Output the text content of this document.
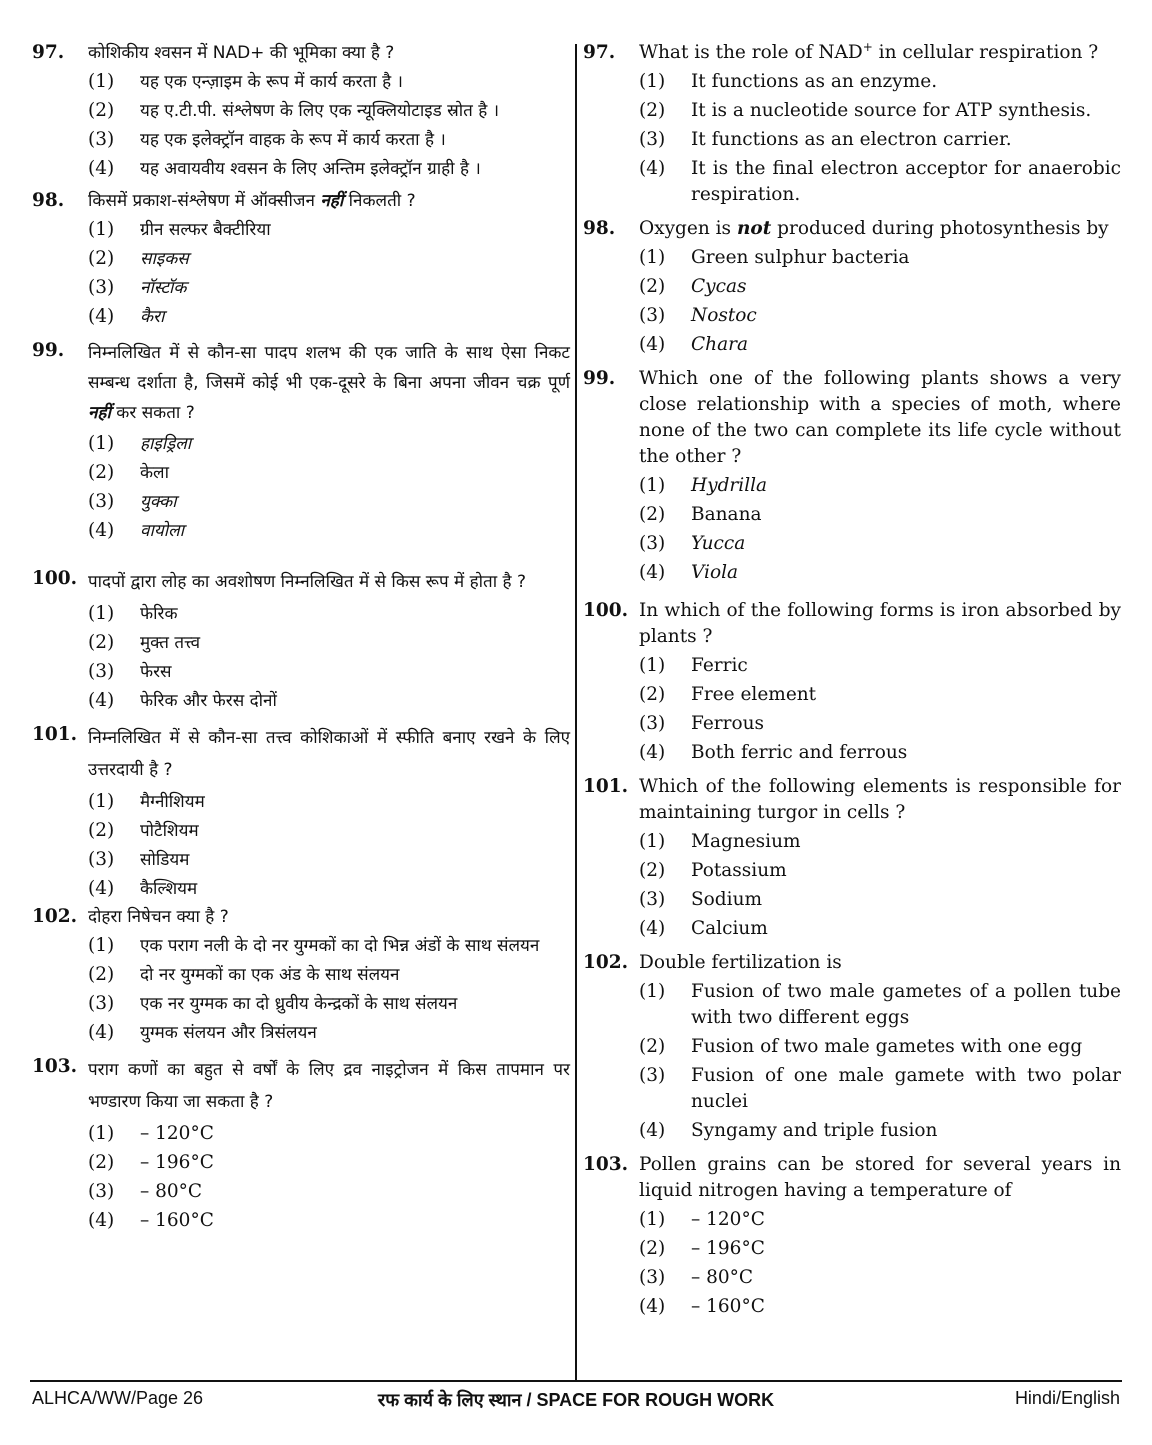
97.	कोशिकीय श्वसन में NAD+ की भूमिका क्या है ?
(1)	यह एक एन्ज़ाइम के रूप में कार्य करता है ।
(2)	यह ए.टी.पी. संश्लेषण के लिए एक न्यूक्लियोटाइड स्रोत है ।
(3)	यह एक इलेक्ट्रॉन वाहक के रूप में कार्य करता है ।
(4)	यह अवायवीय श्वसन के लिए अन्तिम इलेक्ट्रॉन ग्राही है ।
98.	किसमें प्रकाश-संश्लेषण में ऑक्सीजन नहीं निकलती ?
(1)	ग्रीन सल्फर बैक्टीरिया
(2)	साइकस
(3)	नॉस्टॉक
(4)	कैरा
99.	निम्नलिखित में से कौन-सा पादप शलभ की एक जाति के साथ ऐसा निकट सम्बन्ध दर्शाता है, जिसमें कोई भी एक-दूसरे के बिना अपना जीवन चक्र पूर्ण नहीं कर सकता ?
(1)	हाइड्रिला
(2)	केला
(3)	युक्का
(4)	वायोला
100. पादपों द्वारा लोह का अवशोषण निम्नलिखित में से किस रूप में होता है ?
(1)	फेरिक
(2)	मुक्त तत्त्व
(3)	फेरस
(4)	फेरिक और फेरस दोनों
101. निम्नलिखित में से कौन-सा तत्त्व कोशिकाओं में स्फीति बनाए रखने के लिए उत्तरदायी है ?
(1)	मैग्नीशियम
(2)	पोटैशियम
(3)	सोडियम
(4)	कैल्शियम
102. दोहरा निषेचन क्या है ?
(1)	एक पराग नली के दो नर युग्मकों का दो भिन्न अंडों के साथ संलयन
(2)	दो नर युग्मकों का एक अंड के साथ संलयन
(3)	एक नर युग्मक का दो ध्रुवीय केन्द्रकों के साथ संलयन
(4)	युग्मक संलयन और त्रिसंलयन
103. पराग कणों का बहुत से वर्षों के लिए द्रव नाइट्रोजन में किस तापमान पर भण्डारण किया जा सकता है ?
(1)	– 120°C
(2)	– 196°C
(3)	– 80°C
(4)	– 160°C
97.	What is the role of NAD+ in cellular respiration ?
(1)	It functions as an enzyme.
(2)	It is a nucleotide source for ATP synthesis.
(3)	It functions as an electron carrier.
(4)	It is the final electron acceptor for anaerobic respiration.
98.	Oxygen is not produced during photosynthesis by
(1)	Green sulphur bacteria
(2)	Cycas
(3)	Nostoc
(4)	Chara
99.	Which one of the following plants shows a very close relationship with a species of moth, where none of the two can complete its life cycle without the other ?
(1)	Hydrilla
(2)	Banana
(3)	Yucca
(4)	Viola
100. In which of the following forms is iron absorbed by plants ?
(1)	Ferric
(2)	Free element
(3)	Ferrous
(4)	Both ferric and ferrous
101. Which of the following elements is responsible for maintaining turgor in cells ?
(1)	Magnesium
(2)	Potassium
(3)	Sodium
(4)	Calcium
102. Double fertilization is
(1)	Fusion of two male gametes of a pollen tube with two different eggs
(2)	Fusion of two male gametes with one egg
(3)	Fusion of one male gamete with two polar nuclei
(4)	Syngamy and triple fusion
103. Pollen grains can be stored for several years in liquid nitrogen having a temperature of
(1)	– 120°C
(2)	– 196°C
(3)	– 80°C
(4)	– 160°C
ALHCA/WW/Page 26	रफ कार्य के लिए स्थान / SPACE FOR ROUGH WORK	Hindi/English
